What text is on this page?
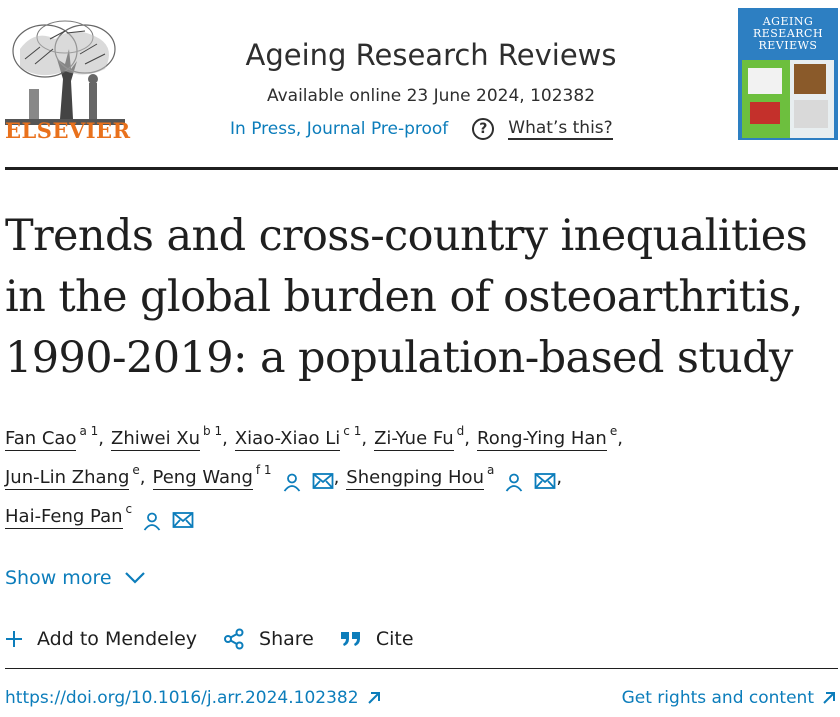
ELSEVIER
Ageing Research Reviews
Available online 23 June 2024, 102382
In Press, Journal Pre-proof	?	What’s this?
AGEING
RESEARCH
REVIEWS
Trends and cross-country inequalities in the global burden of osteoarthritis, 1990-2019: a population-based study
Fan Cao a 1 , Zhiwei Xu b 1 , Xiao-Xiao Li c 1 , Zi-Yue Fu d , Rong-Ying Han e ,
Jun-Lin Zhang e , Peng Wang f 1	, Shengping Hou a	,
Hai-Feng Pan c
Show more
Add to Mendeley	Share	Cite
https://doi.org/10.1016/j.arr.2024.102382	Get rights and content
